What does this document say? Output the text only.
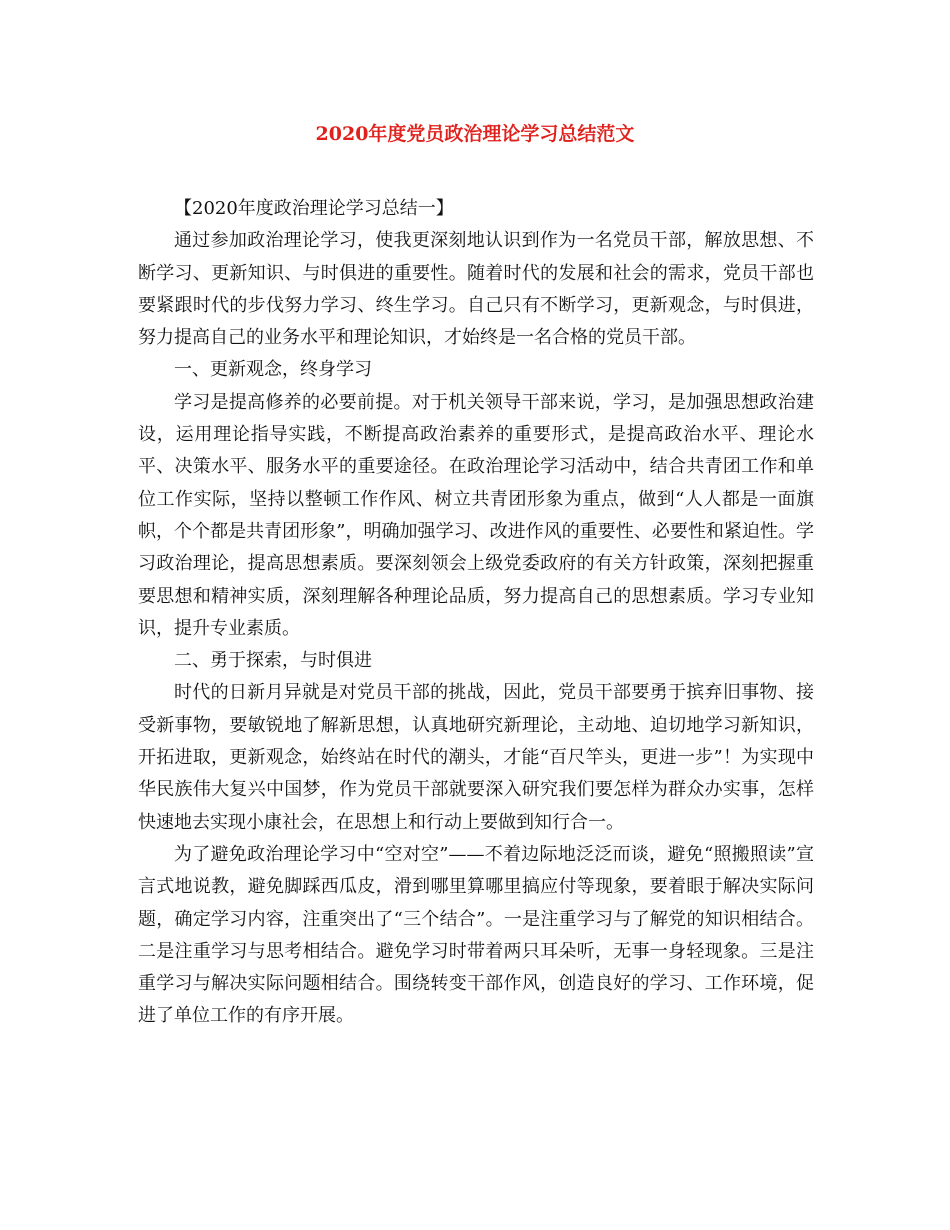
2020年度党员政治理论学习总结范文

【2020年度政治理论学习总结一】

通过参加政治理论学习，使我更深刻地认识到作为一名党员干部，解放思想、不断学习、更新知识、与时俱进的重要性。随着时代的发展和社会的需求，党员干部也要紧跟时代的步伐努力学习、终生学习。自己只有不断学习，更新观念，与时俱进，努力提高自己的业务水平和理论知识，才始终是一名合格的党员干部。

一、更新观念，终身学习

学习是提高修养的必要前提。对于机关领导干部来说，学习，是加强思想政治建设，运用理论指导实践，不断提高政治素养的重要形式，是提高政治水平、理论水平、决策水平、服务水平的重要途径。在政治理论学习活动中，结合共青团工作和单位工作实际，坚持以整顿工作作风、树立共青团形象为重点，做到“人人都是一面旗帜，个个都是共青团形象”，明确加强学习、改进作风的重要性、必要性和紧迫性。学习政治理论，提高思想素质。要深刻领会上级党委政府的有关方针政策，深刻把握重要思想和精神实质，深刻理解各种理论品质，努力提高自己的思想素质。学习专业知识，提升专业素质。

二、勇于探索，与时俱进

时代的日新月异就是对党员干部的挑战，因此，党员干部要勇于摈弃旧事物、接受新事物，要敏锐地了解新思想，认真地研究新理论，主动地、迫切地学习新知识，开拓进取，更新观念，始终站在时代的潮头，才能“百尺竿头，更进一步”！为实现中华民族伟大复兴中国梦，作为党员干部就要深入研究我们要怎样为群众办实事，怎样快速地去实现小康社会，在思想上和行动上要做到知行合一。

为了避免政治理论学习中“空对空”——不着边际地泛泛而谈，避免“照搬照读”宣言式地说教，避免脚踩西瓜皮，滑到哪里算哪里搞应付等现象，要着眼于解决实际问题，确定学习内容，注重突出了“三个结合”。一是注重学习与了解党的知识相结合。二是注重学习与思考相结合。避免学习时带着两只耳朵听，无事一身轻现象。三是注重学习与解决实际问题相结合。围绕转变干部作风，创造良好的学习、工作环境，促进了单位工作的有序开展。
